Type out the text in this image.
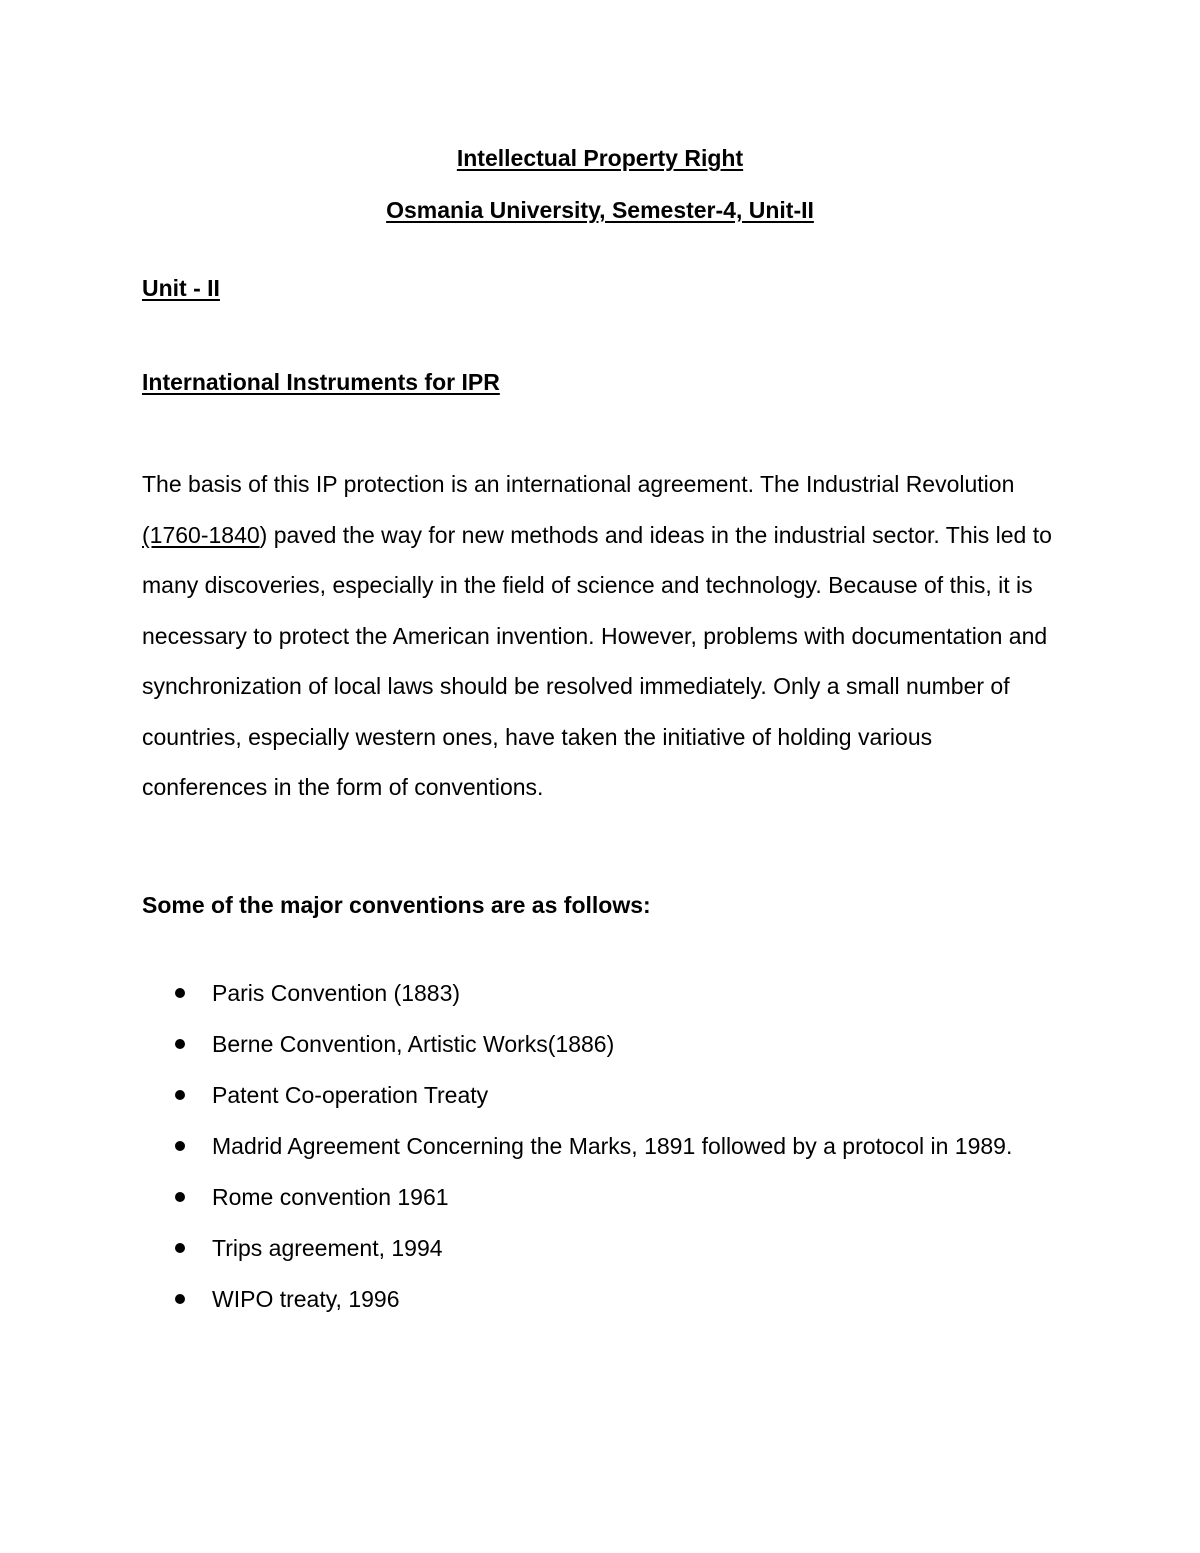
Intellectual Property Right
Osmania University, Semester-4, Unit-II
Unit - II
International Instruments for IPR

The basis of this IP protection is an international agreement. The Industrial Revolution (1760-1840) paved the way for new methods and ideas in the industrial sector. This led to many discoveries, especially in the field of science and technology. Because of this, it is necessary to protect the American invention. However, problems with documentation and synchronization of local laws should be resolved immediately. Only a small number of countries, especially western ones, have taken the initiative of holding various conferences in the form of conventions.

Some of the major conventions are as follows:
Paris Convention (1883)
Berne Convention, Artistic Works(1886)
Patent Co-operation Treaty
Madrid Agreement Concerning the Marks, 1891 followed by a protocol in 1989.
Rome convention 1961
Trips agreement, 1994
WIPO treaty, 1996
